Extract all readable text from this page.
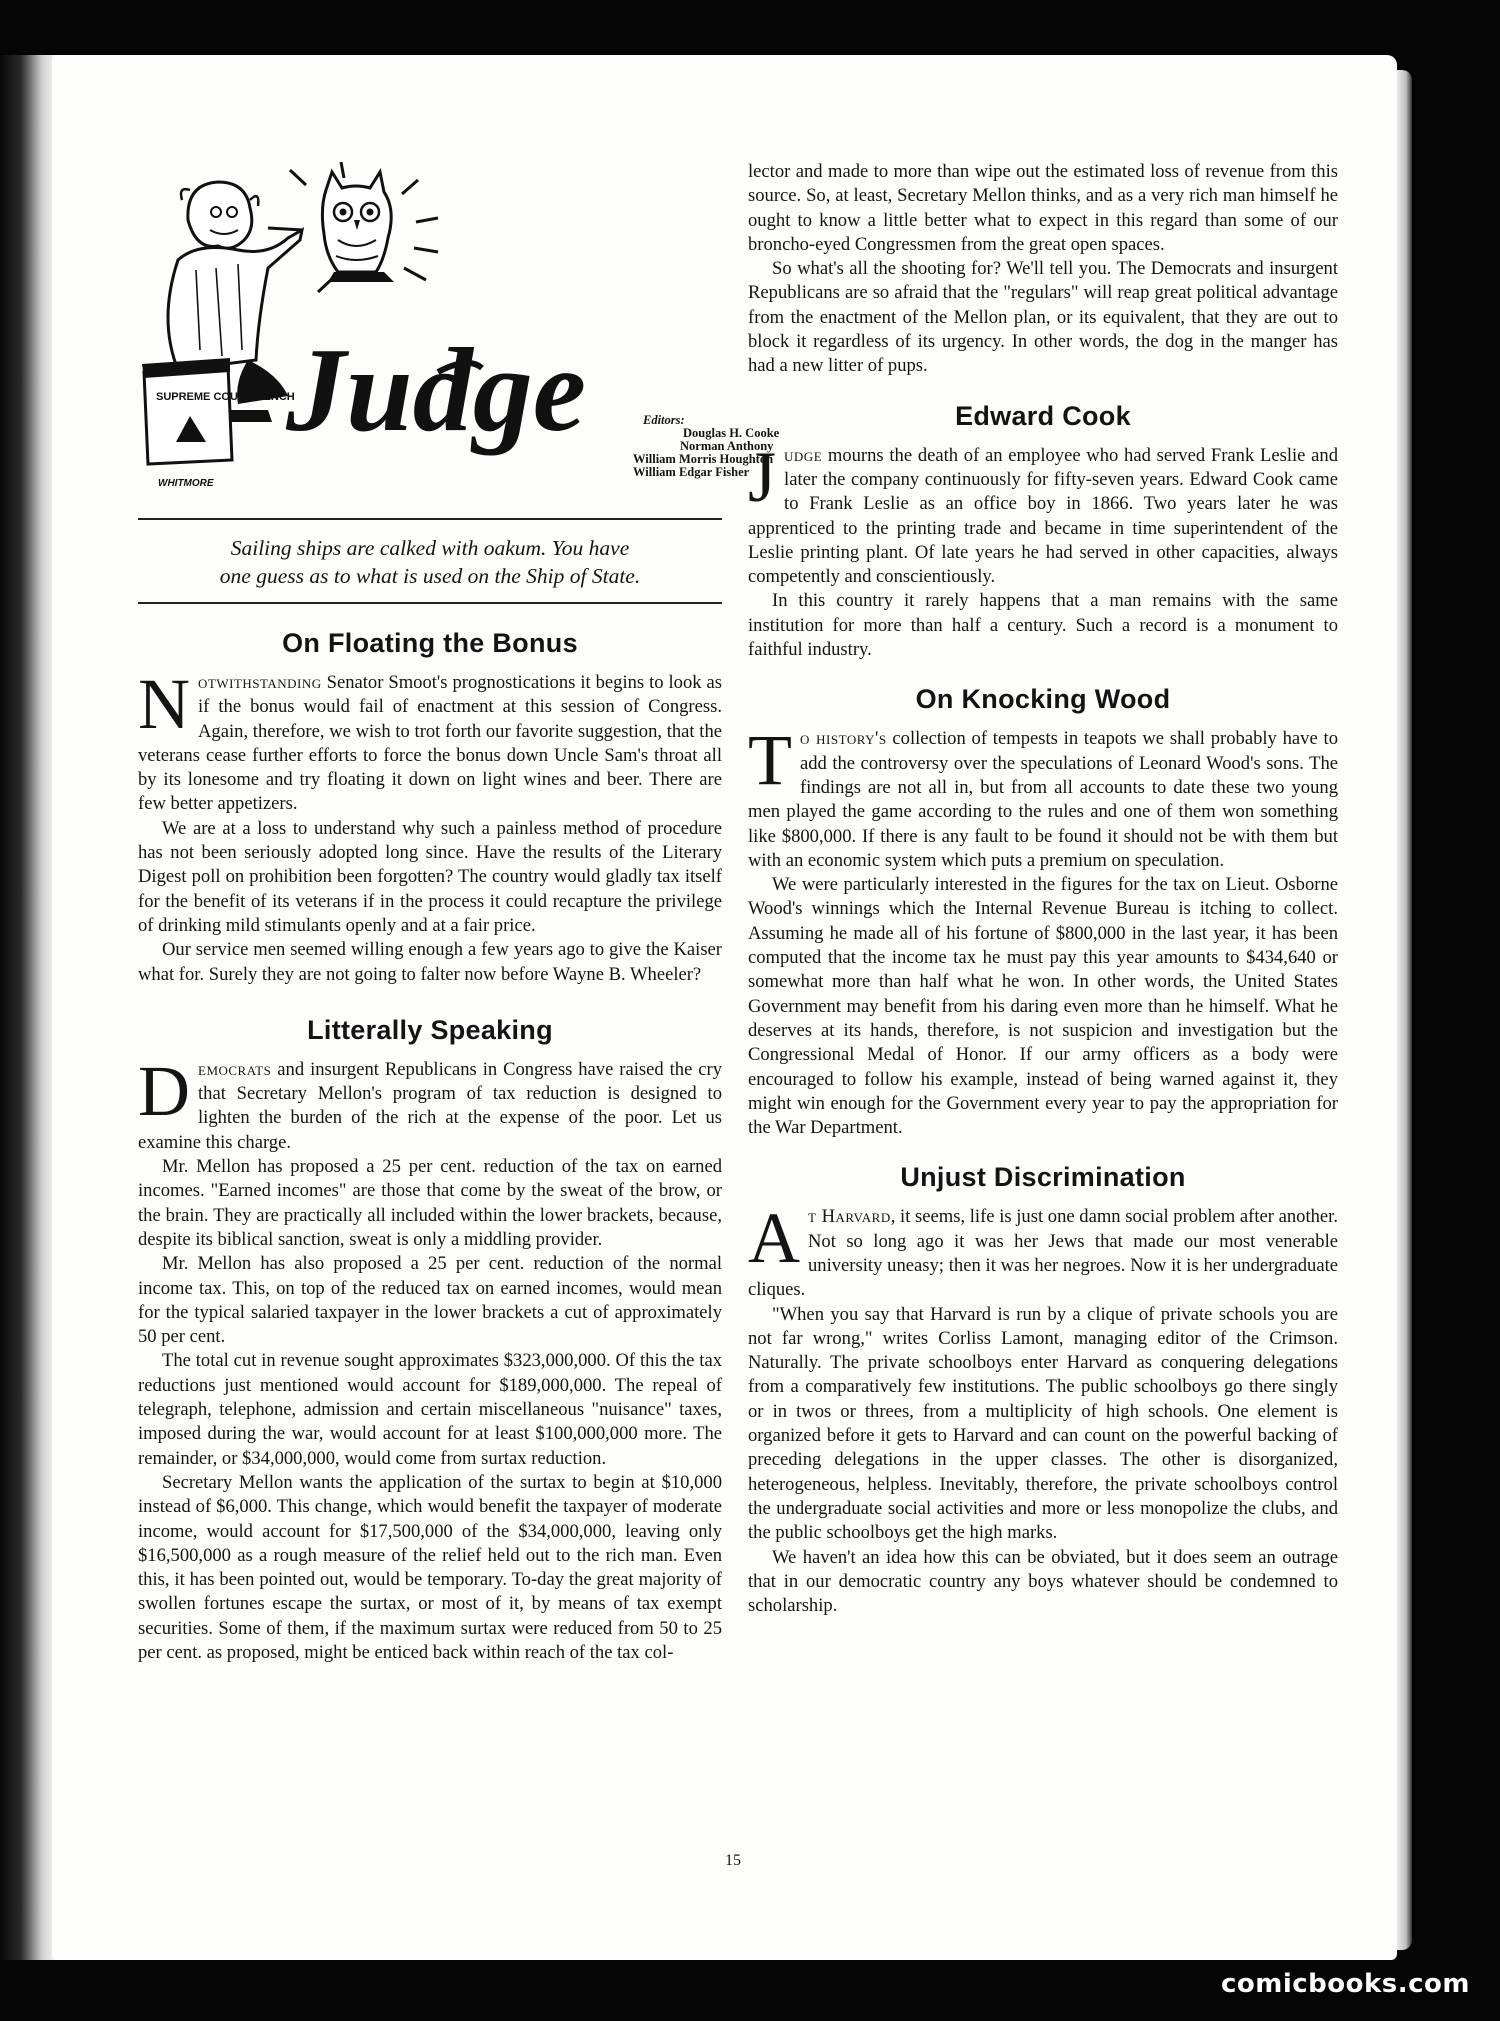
SUPREME COURT BENCH
Judge
WHITMORE
Editors:
Douglas H. Cooke
Norman Anthony
William Morris Houghton
William Edgar Fisher
Sailing ships are calked with oakum. You have
one guess as to what is used on the Ship of State.
On Floating the Bonus

Notwithstanding Senator Smoot's prognostications it begins to look as if the bonus would fail of enactment at this session of Congress. Again, therefore, we wish to trot forth our favorite suggestion, that the veterans cease further efforts to force the bonus down Uncle Sam's throat all by its lonesome and try floating it down on light wines and beer. There are few better appetizers.

We are at a loss to understand why such a painless method of procedure has not been seriously adopted long since. Have the results of the Literary Digest poll on prohibition been forgotten? The country would gladly tax itself for the benefit of its veterans if in the process it could recapture the privilege of drinking mild stimulants openly and at a fair price.

Our service men seemed willing enough a few years ago to give the Kaiser what for. Surely they are not going to falter now before Wayne B. Wheeler?

Litterally Speaking

Democrats and insurgent Republicans in Congress have raised the cry that Secretary Mellon's program of tax reduction is designed to lighten the burden of the rich at the expense of the poor. Let us examine this charge.

Mr. Mellon has proposed a 25 per cent. reduction of the tax on earned incomes. "Earned incomes" are those that come by the sweat of the brow, or the brain. They are practically all included within the lower brackets, because, despite its biblical sanction, sweat is only a middling provider.

Mr. Mellon has also proposed a 25 per cent. reduction of the normal income tax. This, on top of the reduced tax on earned incomes, would mean for the typical salaried taxpayer in the lower brackets a cut of approximately 50 per cent.

The total cut in revenue sought approximates $323,000,000. Of this the tax reductions just mentioned would account for $189,000,000. The repeal of telegraph, telephone, admission and certain miscellaneous "nuisance" taxes, imposed during the war, would account for at least $100,000,000 more. The remainder, or $34,000,000, would come from surtax reduction.

Secretary Mellon wants the application of the surtax to begin at $10,000 instead of $6,000. This change, which would benefit the taxpayer of moderate income, would account for $17,500,000 of the $34,000,000, leaving only $16,500,000 as a rough measure of the relief held out to the rich man. Even this, it has been pointed out, would be temporary. To-day the great majority of swollen fortunes escape the surtax, or most of it, by means of tax exempt securities. Some of them, if the maximum surtax were reduced from 50 to 25 per cent. as proposed, might be enticed back within reach of the tax col-

lector and made to more than wipe out the estimated loss of revenue from this source. So, at least, Secretary Mellon thinks, and as a very rich man himself he ought to know a little better what to expect in this regard than some of our broncho-eyed Congressmen from the great open spaces.

So what's all the shooting for? We'll tell you. The Democrats and insurgent Republicans are so afraid that the "regulars" will reap great political advantage from the enactment of the Mellon plan, or its equivalent, that they are out to block it regardless of its urgency. In other words, the dog in the manger has had a new litter of pups.

Edward Cook

Judge mourns the death of an employee who had served Frank Leslie and later the company continuously for fifty-seven years. Edward Cook came to Frank Leslie as an office boy in 1866. Two years later he was apprenticed to the printing trade and became in time superintendent of the Leslie printing plant. Of late years he had served in other capacities, always competently and conscientiously.

In this country it rarely happens that a man remains with the same institution for more than half a century. Such a record is a monument to faithful industry.

On Knocking Wood

To history's collection of tempests in teapots we shall probably have to add the controversy over the speculations of Leonard Wood's sons. The findings are not all in, but from all accounts to date these two young men played the game according to the rules and one of them won something like $800,000. If there is any fault to be found it should not be with them but with an economic system which puts a premium on speculation.

We were particularly interested in the figures for the tax on Lieut. Osborne Wood's winnings which the Internal Revenue Bureau is itching to collect. Assuming he made all of his fortune of $800,000 in the last year, it has been computed that the income tax he must pay this year amounts to $434,640 or somewhat more than half what he won. In other words, the United States Government may benefit from his daring even more than he himself. What he deserves at its hands, therefore, is not suspicion and investigation but the Congressional Medal of Honor. If our army officers as a body were encouraged to follow his example, instead of being warned against it, they might win enough for the Government every year to pay the appropriation for the War Department.

Unjust Discrimination

At Harvard, it seems, life is just one damn social problem after another. Not so long ago it was her Jews that made our most venerable university uneasy; then it was her negroes. Now it is her undergraduate cliques.

"When you say that Harvard is run by a clique of private schools you are not far wrong," writes Corliss Lamont, managing editor of the Crimson. Naturally. The private schoolboys enter Harvard as conquering delegations from a comparatively few institutions. The public schoolboys go there singly or in twos or threes, from a multiplicity of high schools. One element is organized before it gets to Harvard and can count on the powerful backing of preceding delegations in the upper classes. The other is disorganized, heterogeneous, helpless. Inevitably, therefore, the private schoolboys control the undergraduate social activities and more or less monopolize the clubs, and the public schoolboys get the high marks.

We haven't an idea how this can be obviated, but it does seem an outrage that in our democratic country any boys whatever should be condemned to scholarship.

15
comicbooks.com
